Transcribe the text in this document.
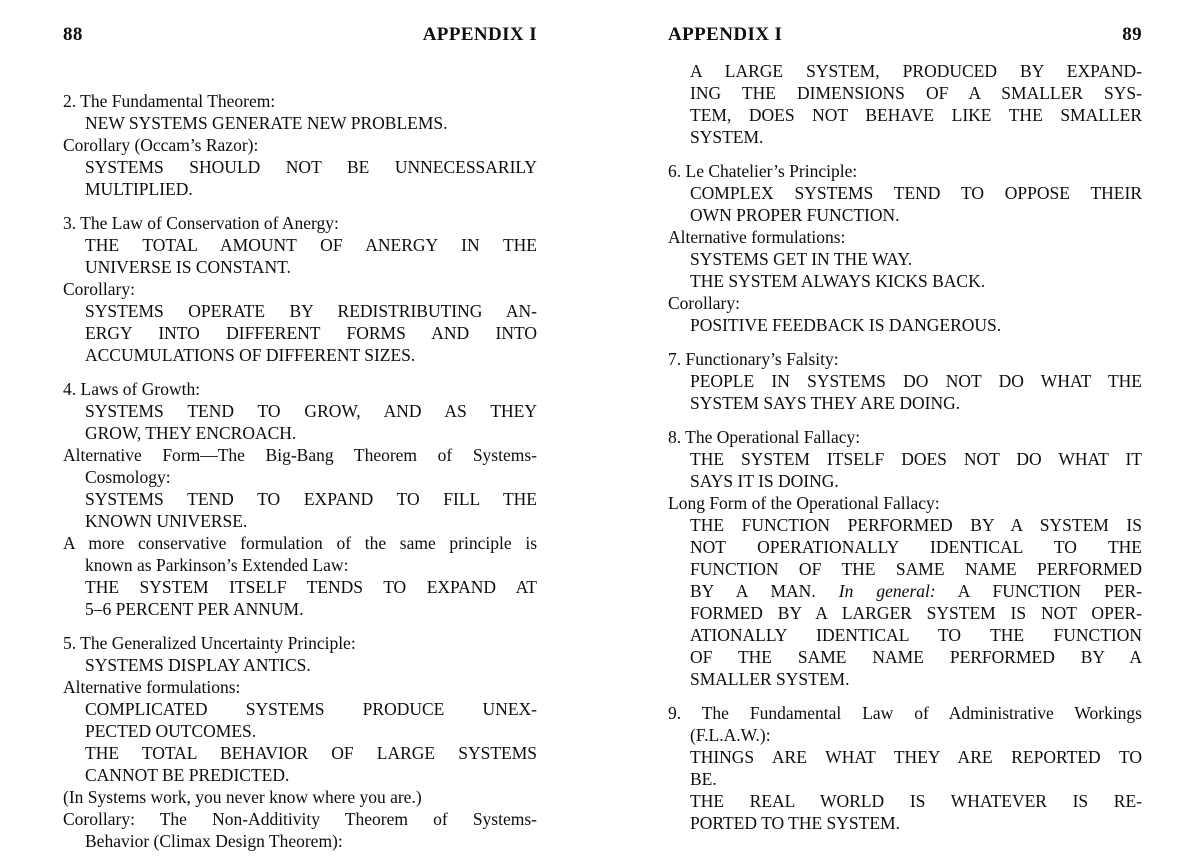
88	APPENDIX I
2. The Fundamental Theorem:
NEW SYSTEMS GENERATE NEW PROBLEMS.
Corollary (Occam’s Razor):
SYSTEMS SHOULD NOT BE UNNECESSARILY
MULTIPLIED.
3. The Law of Conservation of Anergy:
THE TOTAL AMOUNT OF ANERGY IN THE
UNIVERSE IS CONSTANT.
Corollary:
SYSTEMS OPERATE BY REDISTRIBUTING AN-
ERGY INTO DIFFERENT FORMS AND INTO
ACCUMULATIONS OF DIFFERENT SIZES.
4. Laws of Growth:
SYSTEMS TEND TO GROW, AND AS THEY
GROW, THEY ENCROACH.
Alternative Form—The Big-Bang Theorem of Systems-
Cosmology:
SYSTEMS TEND TO EXPAND TO FILL THE
KNOWN UNIVERSE.
A more conservative formulation of the same principle is
known as Parkinson’s Extended Law:
THE SYSTEM ITSELF TENDS TO EXPAND AT
5–6 PERCENT PER ANNUM.
5. The Generalized Uncertainty Principle:
SYSTEMS DISPLAY ANTICS.
Alternative formulations:
COMPLICATED SYSTEMS PRODUCE UNEX-
PECTED OUTCOMES.
THE TOTAL BEHAVIOR OF LARGE SYSTEMS
CANNOT BE PREDICTED.
(In Systems work, you never know where you are.)
Corollary: The Non-Additivity Theorem of Systems-
Behavior (Climax Design Theorem):
APPENDIX I	89
A LARGE SYSTEM, PRODUCED BY EXPAND-
ING THE DIMENSIONS OF A SMALLER SYS-
TEM, DOES NOT BEHAVE LIKE THE SMALLER
SYSTEM.
6. Le Chatelier’s Principle:
COMPLEX SYSTEMS TEND TO OPPOSE THEIR
OWN PROPER FUNCTION.
Alternative formulations:
SYSTEMS GET IN THE WAY.
THE SYSTEM ALWAYS KICKS BACK.
Corollary:
POSITIVE FEEDBACK IS DANGEROUS.
7. Functionary’s Falsity:
PEOPLE IN SYSTEMS DO NOT DO WHAT THE
SYSTEM SAYS THEY ARE DOING.
8. The Operational Fallacy:
THE SYSTEM ITSELF DOES NOT DO WHAT IT
SAYS IT IS DOING.
Long Form of the Operational Fallacy:
THE FUNCTION PERFORMED BY A SYSTEM IS
NOT OPERATIONALLY IDENTICAL TO THE
FUNCTION OF THE SAME NAME PERFORMED
BY A MAN. In general: A FUNCTION PER-
FORMED BY A LARGER SYSTEM IS NOT OPER-
ATIONALLY IDENTICAL TO THE FUNCTION
OF THE SAME NAME PERFORMED BY A
SMALLER SYSTEM.
9. The Fundamental Law of Administrative Workings
(F.L.A.W.):
THINGS ARE WHAT THEY ARE REPORTED TO
BE.
THE REAL WORLD IS WHATEVER IS RE-
PORTED TO THE SYSTEM.
